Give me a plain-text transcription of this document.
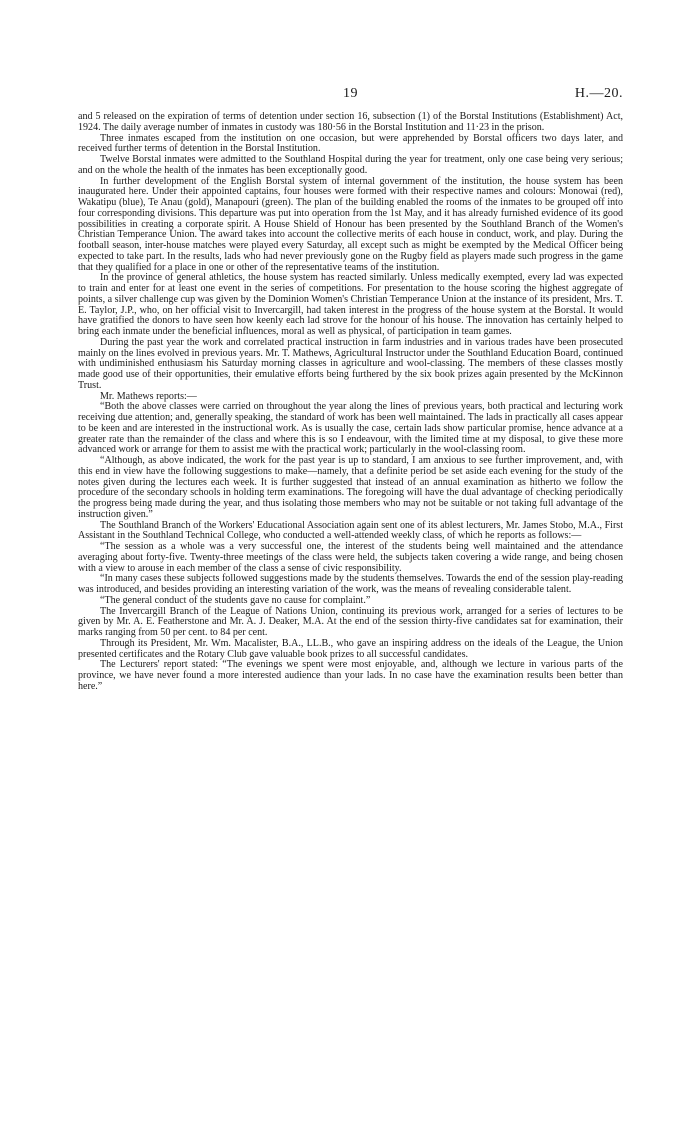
19	H.—20.

and 5 released on the expiration of terms of detention under section 16, subsection (1) of the Borstal Institutions (Establishment) Act, 1924. The daily average number of inmates in custody was 180·56 in the Borstal Institution and 11·23 in the prison.

Three inmates escaped from the institution on one occasion, but were apprehended by Borstal officers two days later, and received further terms of detention in the Borstal Institution.

Twelve Borstal inmates were admitted to the Southland Hospital during the year for treatment, only one case being very serious; and on the whole the health of the inmates has been exceptionally good.

In further development of the English Borstal system of internal government of the institution, the house system has been inaugurated here. Under their appointed captains, four houses were formed with their respective names and colours: Monowai (red), Wakatipu (blue), Te Anau (gold), Manapouri (green). The plan of the building enabled the rooms of the inmates to be grouped off into four corresponding divisions. This departure was put into operation from the 1st May, and it has already furnished evidence of its good possibilities in creating a corporate spirit. A House Shield of Honour has been presented by the Southland Branch of the Women's Christian Temperance Union. The award takes into account the collective merits of each house in conduct, work, and play. During the football season, inter-house matches were played every Saturday, all except such as might be exempted by the Medical Officer being expected to take part. In the results, lads who had never previously gone on the Rugby field as players made such progress in the game that they qualified for a place in one or other of the representative teams of the institution.

In the province of general athletics, the house system has reacted similarly. Unless medically exempted, every lad was expected to train and enter for at least one event in the series of competitions. For presentation to the house scoring the highest aggregate of points, a silver challenge cup was given by the Dominion Women's Christian Temperance Union at the instance of its president, Mrs. T. E. Taylor, J.P., who, on her official visit to Invercargill, had taken interest in the progress of the house system at the Borstal. It would have gratified the donors to have seen how keenly each lad strove for the honour of his house. The innovation has certainly helped to bring each inmate under the beneficial influences, moral as well as physical, of participation in team games.

During the past year the work and correlated practical instruction in farm industries and in various trades have been prosecuted mainly on the lines evolved in previous years. Mr. T. Mathews, Agricultural Instructor under the Southland Education Board, continued with undiminished enthusiasm his Saturday morning classes in agriculture and wool-classing. The members of these classes mostly made good use of their opportunities, their emulative efforts being furthered by the six book prizes again presented by the McKinnon Trust.

Mr. Mathews reports:—

“Both the above classes were carried on throughout the year along the lines of previous years, both practical and lecturing work receiving due attention; and, generally speaking, the standard of work has been well maintained. The lads in practically all cases appear to be keen and are interested in the instructional work. As is usually the case, certain lads show particular promise, hence advance at a greater rate than the remainder of the class and where this is so I endeavour, with the limited time at my disposal, to give these more advanced work or arrange for them to assist me with the practical work; particularly in the wool-classing room.

“Although, as above indicated, the work for the past year is up to standard, I am anxious to see further improvement, and, with this end in view have the following suggestions to make—namely, that a definite period be set aside each evening for the study of the notes given during the lectures each week. It is further suggested that instead of an annual examination as hitherto we follow the procedure of the secondary schools in holding term examinations. The foregoing will have the dual advantage of checking periodically the progress being made during the year, and thus isolating those members who may not be suitable or not taking full advantage of the instruction given.”

The Southland Branch of the Workers' Educational Association again sent one of its ablest lecturers, Mr. James Stobo, M.A., First Assistant in the Southland Technical College, who conducted a well-attended weekly class, of which he reports as follows:—

“The session as a whole was a very successful one, the interest of the students being well maintained and the attendance averaging about forty-five. Twenty-three meetings of the class were held, the subjects taken covering a wide range, and being chosen with a view to arouse in each member of the class a sense of civic responsibility.

“In many cases these subjects followed suggestions made by the students themselves. Towards the end of the session play-reading was introduced, and besides providing an interesting variation of the work, was the means of revealing considerable talent.

“The general conduct of the students gave no cause for complaint.”

The Invercargill Branch of the League of Nations Union, continuing its previous work, arranged for a series of lectures to be given by Mr. A. E. Featherstone and Mr. A. J. Deaker, M.A. At the end of the session thirty-five candidates sat for examination, their marks ranging from 50 per cent. to 84 per cent.

Through its President, Mr. Wm. Macalister, B.A., LL.B., who gave an inspiring address on the ideals of the League, the Union presented certificates and the Rotary Club gave valuable book prizes to all successful candidates.

The Lecturers' report stated: “The evenings we spent were most enjoyable, and, although we lecture in various parts of the province, we have never found a more interested audience than your lads. In no case have the examination results been better than here.”
